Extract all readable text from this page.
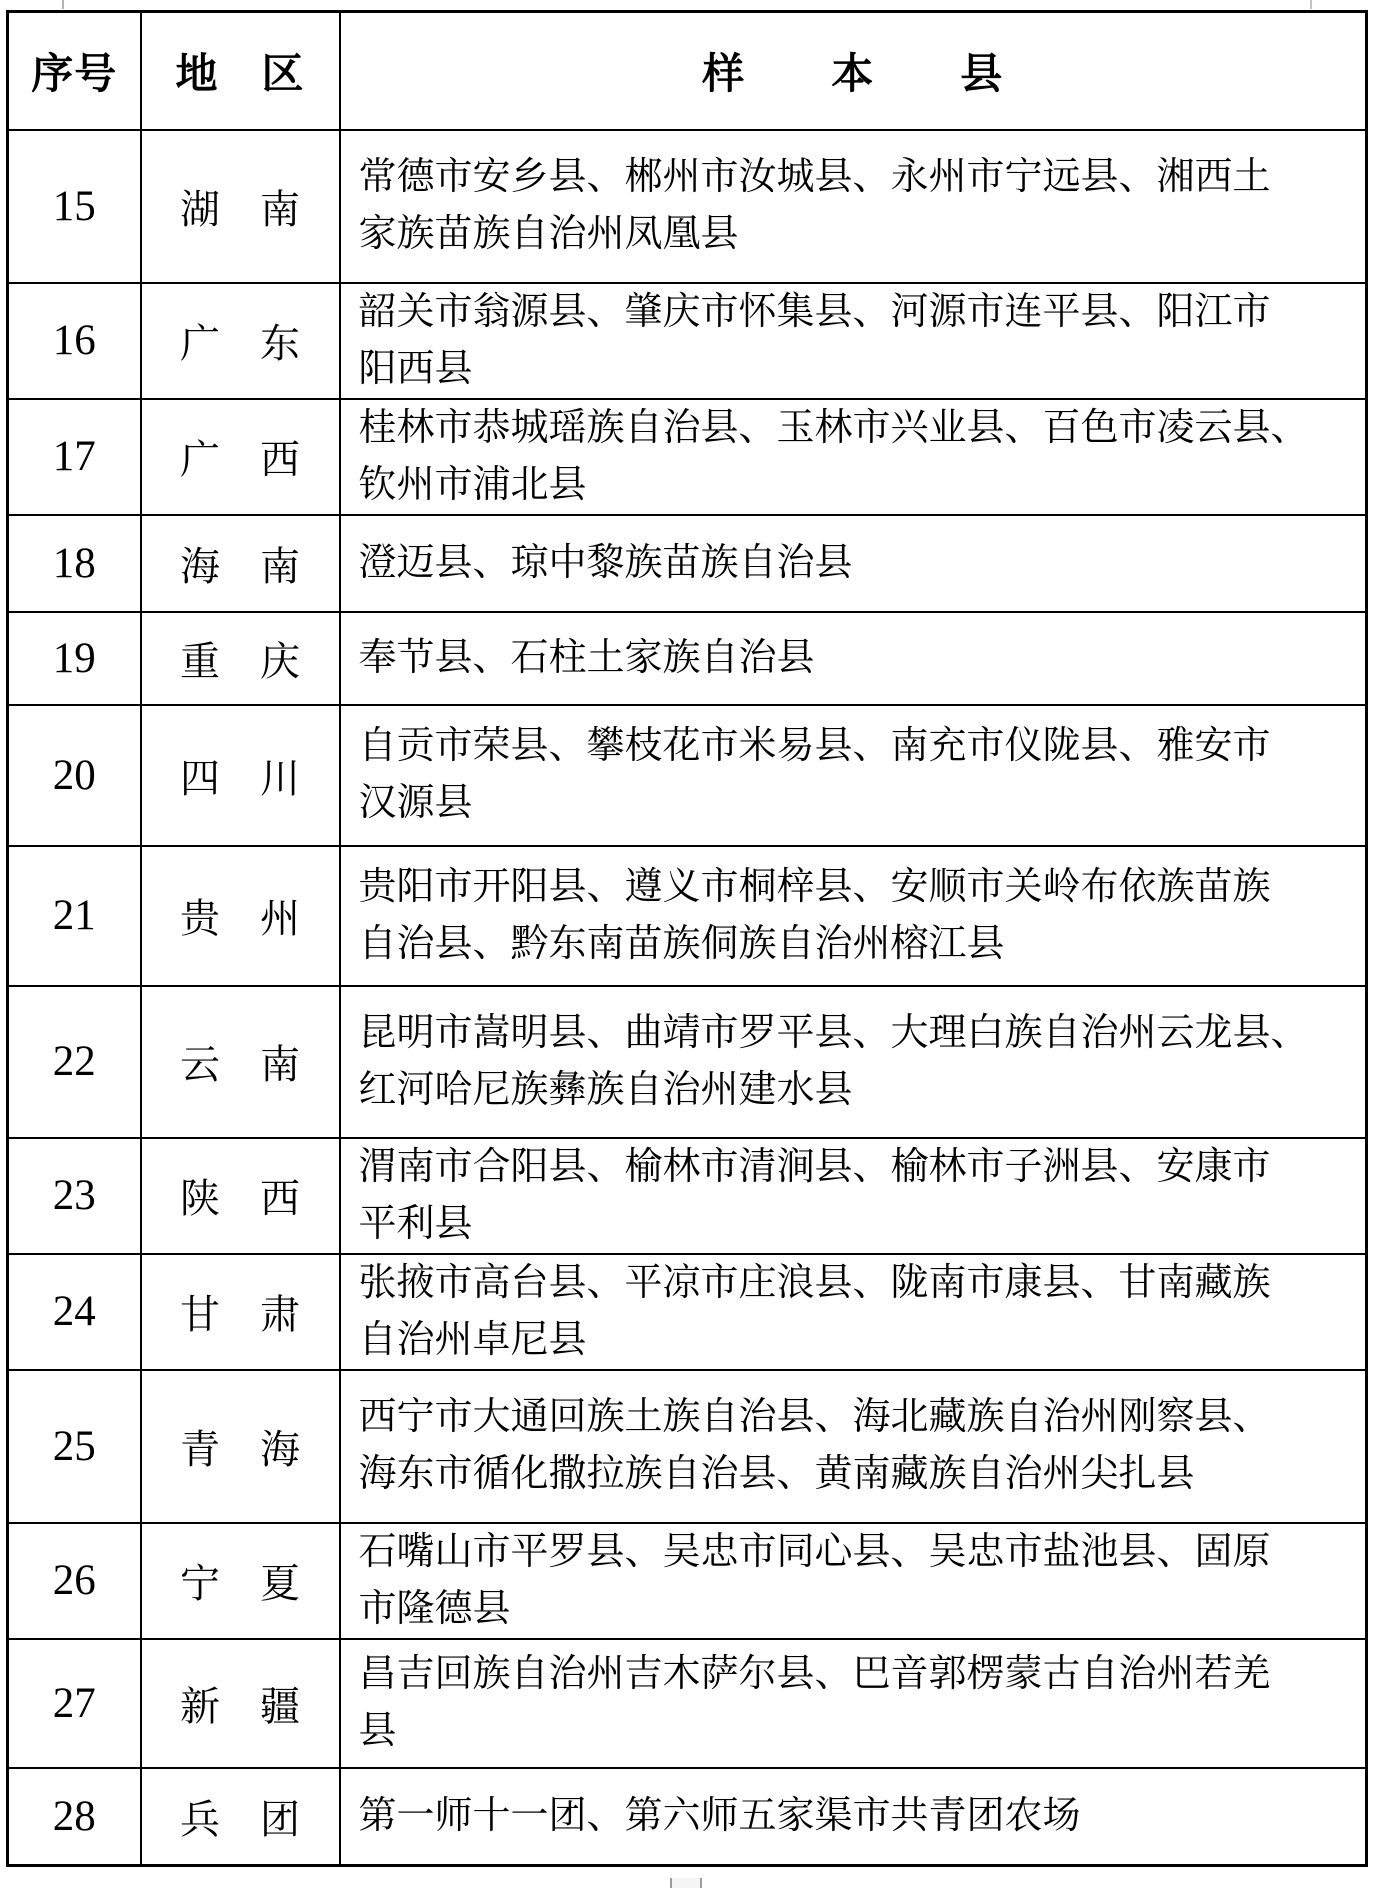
序号	地　区	样　　本　　县
15	湖　南	常德市安乡县、郴州市汝城县、永州市宁远县、湘西土家族苗族自治州凤凰县

16	广　东	韶关市翁源县、肇庆市怀集县、河源市连平县、阳江市阳西县

17	广　西	桂林市恭城瑶族自治县、玉林市兴业县、百色市凌云县、钦州市浦北县

18	海　南	澄迈县、琼中黎族苗族自治县

19	重　庆	奉节县、石柱土家族自治县

20	四　川	自贡市荣县、攀枝花市米易县、南充市仪陇县、雅安市汉源县

21	贵　州	贵阳市开阳县、遵义市桐梓县、安顺市关岭布依族苗族自治县、黔东南苗族侗族自治州榕江县

22	云　南	昆明市嵩明县、曲靖市罗平县、大理白族自治州云龙县、红河哈尼族彝族自治州建水县

23	陕　西	渭南市合阳县、榆林市清涧县、榆林市子洲县、安康市平利县

24	甘　肃	张掖市高台县、平凉市庄浪县、陇南市康县、甘南藏族自治州卓尼县

25	青　海	西宁市大通回族土族自治县、海北藏族自治州刚察县、海东市循化撒拉族自治县、黄南藏族自治州尖扎县

26	宁　夏	石嘴山市平罗县、吴忠市同心县、吴忠市盐池县、固原市隆德县

27	新　疆	昌吉回族自治州吉木萨尔县、巴音郭楞蒙古自治州若羌县

28	兵　团	第一师十一团、第六师五家渠市共青团农场
